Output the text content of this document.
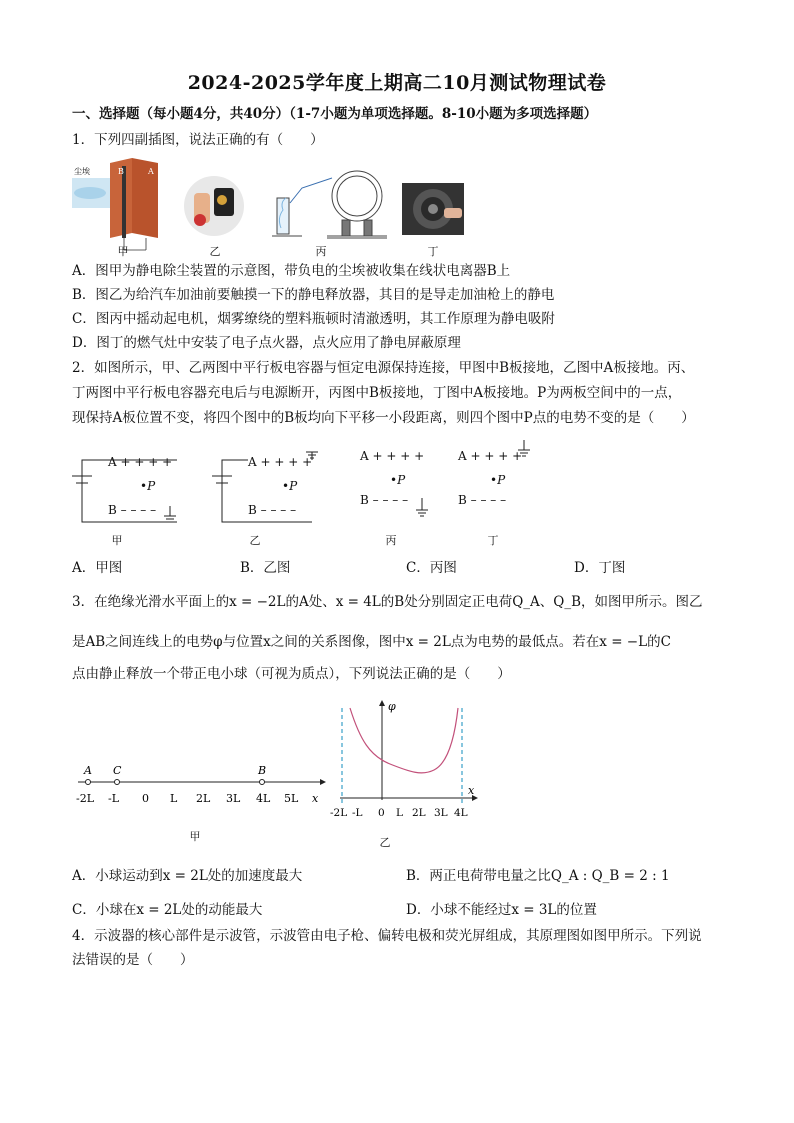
2024-2025学年度上期高二10月测试物理试卷
一、选择题（每小题4分，共40分）（1-7小题为单项选择题。8-10小题为多项选择题）
1．下列四副插图，说法正确的有（　　）
尘埃	B	A
甲	乙	丙	丁
A．图甲为静电除尘装置的示意图，带负电的尘埃被收集在线状电离器B上
B．图乙为给汽车加油前要触摸一下的静电释放器，其目的是导走加油枪上的静电
C．图丙中摇动起电机，烟雾缭绕的塑料瓶顿时清澈透明，其工作原理为静电吸附
D．图丁的燃气灶中安装了电子点火器，点火应用了静电屏蔽原理
2．如图所示，甲、乙两图中平行板电容器与恒定电源保持连接，甲图中B板接地，乙图中A板接地。丙、
丁两图中平行板电容器充电后与电源断开，丙图中B板接地，丁图中A板接地。P为两板空间中的一点，
现保持A板位置不变，将四个图中的B板均向下平移一小段距离，则四个图中P点的电势不变的是（　　）
A + + + +
•P
B – – – –
A + + + +
•P
B – – – –
A + + + +
•P
B – – – –
A + + + +
•P
B – – – –
甲	乙	丙	丁
A．甲图	B．乙图	C．丙图	D．丁图
3．在绝缘光滑水平面上的x = −2L的A处、x = 4L的B处分别固定正电荷Q_A、Q_B，如图甲所示。图乙
是AB之间连线上的电势φ与位置x之间的关系图像，图中x = 2L点为电势的最低点。若在x = −L的C
点由静止释放一个带正电小球（可视为质点），下列说法正确的是（　　）
A C	B
-2L -L 0 L 2L 3L 4L 5L x
甲
φ
x
-2L -L 0 L 2L 3L 4L
乙
A．小球运动到x = 2L处的加速度最大	B．两正电荷带电量之比Q_A : Q_B = 2 : 1
C．小球在x = 2L处的动能最大	D．小球不能经过x = 3L的位置
4．示波器的核心部件是示波管，示波管由电子枪、偏转电极和荧光屏组成，其原理图如图甲所示。下列说
法错误的是（　　）
